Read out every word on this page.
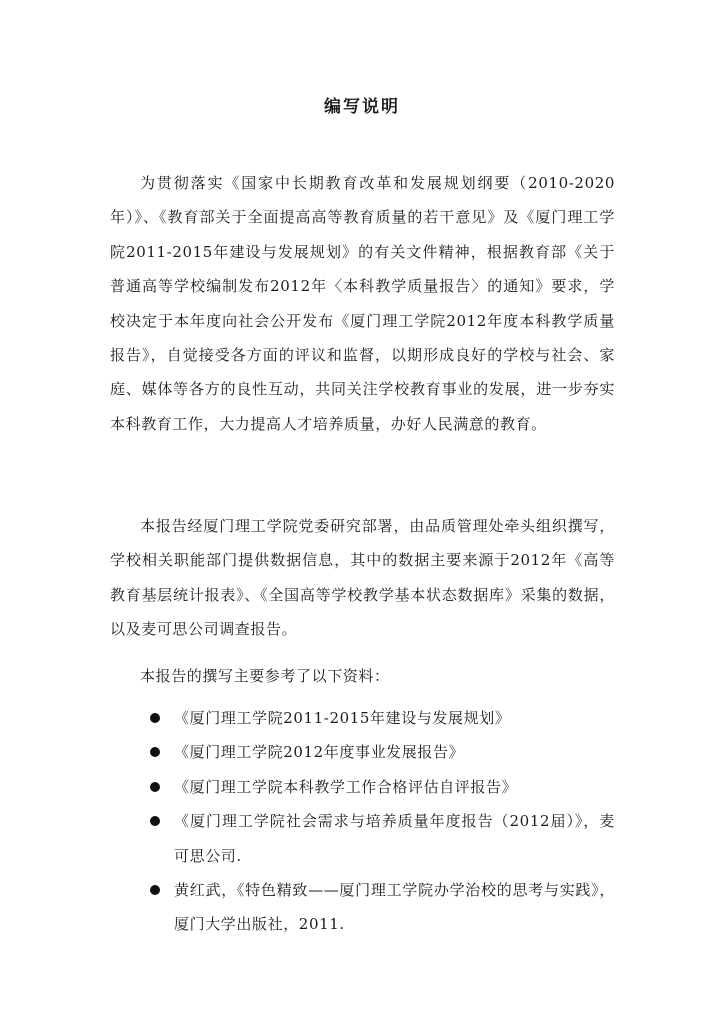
编写说明

为贯彻落实《国家中长期教育改革和发展规划纲要（2010-2020年）》、《教育部关于全面提高高等教育质量的若干意见》及《厦门理工学院2011-2015年建设与发展规划》的有关文件精神，根据教育部《关于普通高等学校编制发布2012年〈本科教学质量报告〉的通知》要求，学校决定于本年度向社会公开发布《厦门理工学院2012年度本科教学质量报告》，自觉接受各方面的评议和监督，以期形成良好的学校与社会、家庭、媒体等各方的良性互动，共同关注学校教育事业的发展，进一步夯实本科教育工作，大力提高人才培养质量，办好人民满意的教育。

本报告经厦门理工学院党委研究部署，由品质管理处牵头组织撰写，学校相关职能部门提供数据信息，其中的数据主要来源于2012年《高等教育基层统计报表》、《全国高等学校教学基本状态数据库》采集的数据，以及麦可思公司调查报告。

本报告的撰写主要参考了以下资料：

《厦门理工学院2011-2015年建设与发展规划》
《厦门理工学院2012年度事业发展报告》
《厦门理工学院本科教学工作合格评估自评报告》
《厦门理工学院社会需求与培养质量年度报告（2012届）》，麦可思公司.
黄红武，《特色精致——厦门理工学院办学治校的思考与实践》，厦门大学出版社，2011.
